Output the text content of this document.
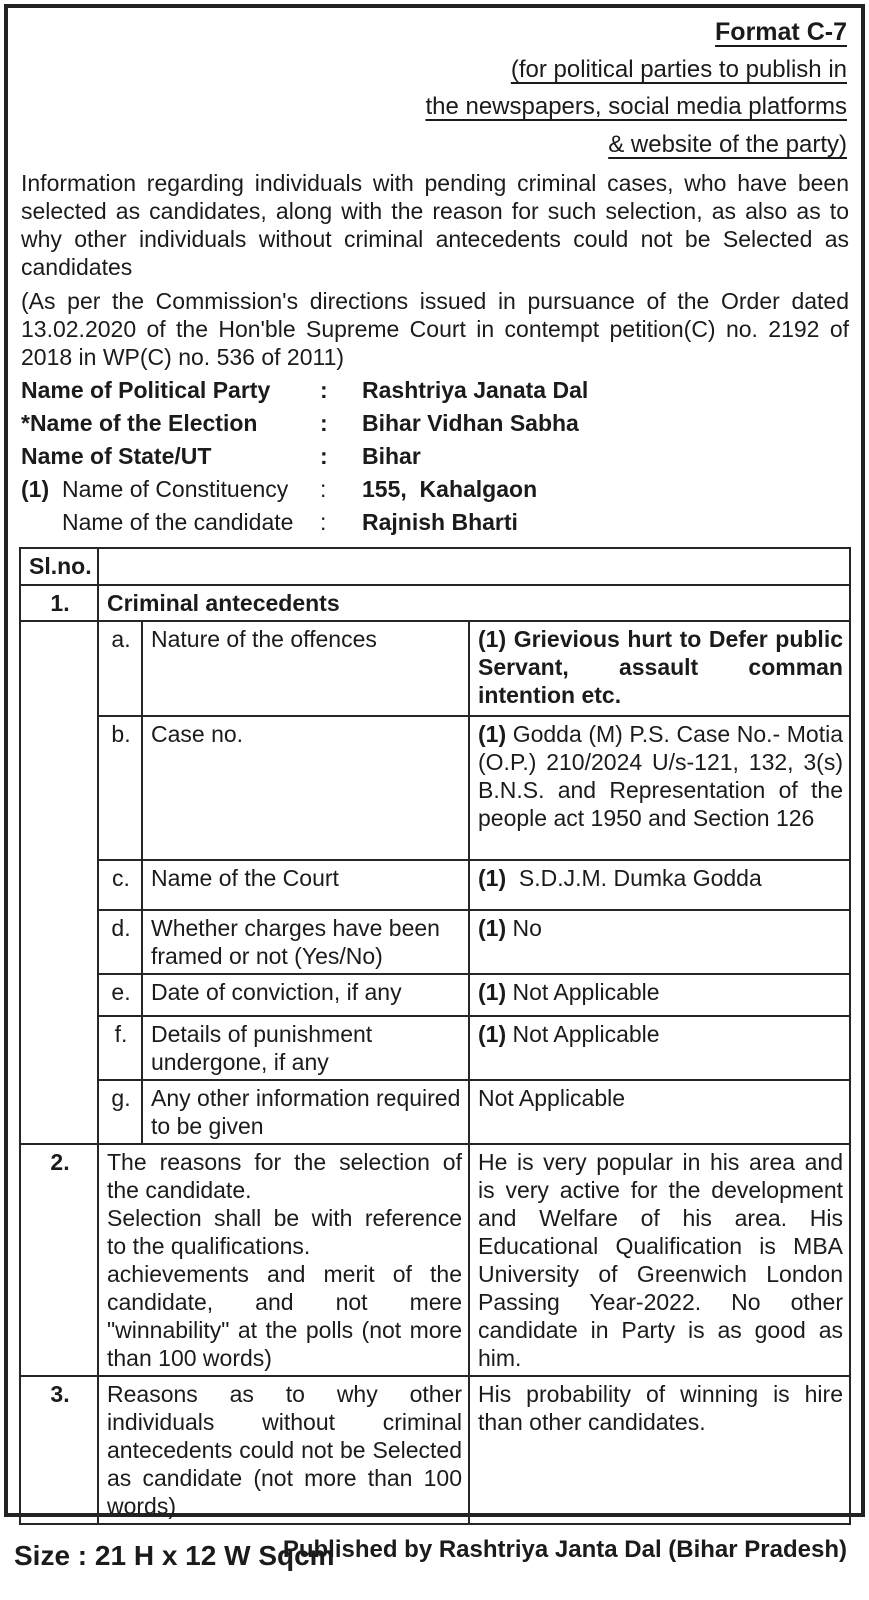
Format C-7
(for political parties to publish in
the newspapers, social media platforms
& website of the party)

Information regarding individuals with pending criminal cases, who have been selected as candidates, along with the reason for such selection, as also as to why other individuals without criminal antecedents could not be Selected as candidates

(As per the Commission's directions issued in pursuance of the Order dated 13.02.2020 of the Hon'ble Supreme Court in contempt petition(C) no. 2192 of 2018 in WP(C) no. 536 of 2011)

Name of Political Party	:	Rashtriya Janata Dal
*Name of the Election	:	Bihar Vidhan Sabha
Name of State/UT	:	Bihar
(1) Name of Constituency	:	155,  Kahalgaon
Name of the candidate	:	Rajnish Bharti
Sl.no.			
1.	Criminal antecedents		
	a.	Nature of the offences	(1) Grievious hurt to Defer public Servant, assault comman intention etc.
	b.	Case no.	(1) Godda (M) P.S. Case No.- Motia (O.P.) 210/2024 U/s-121, 132, 3(s) B.N.S. and Representation of the people act 1950 and Section 126
	c.	Name of the Court	(1) S.D.J.M. Dumka Godda
	d.	Whether charges have been framed or not (Yes/No)	(1) No
	e.	Date of conviction, if any	(1) Not Applicable
	f.	Details of punishment undergone, if any	(1) Not Applicable
	g.	Any other information required to be given	Not Applicable
2.	The reasons for the selection of the candidate.
Selection shall be with reference to the qualifications.
achievements and merit of the candidate, and not mere "winnability" at the polls (not more than 100 words)	He is very popular in his area and is very active for the development and Welfare of his area. His Educational Qualification is MBA University of Greenwich London Passing Year-2022. No other candidate in Party is as good as him.
3.	Reasons as to why other individuals without criminal antecedents could not be Selected as candidate (not more than 100 words)		His probability of winning is hire than other candidates.
Published by Rashtriya Janta Dal (Bihar Pradesh)
Size : 21 H x 12 W Sqcm
